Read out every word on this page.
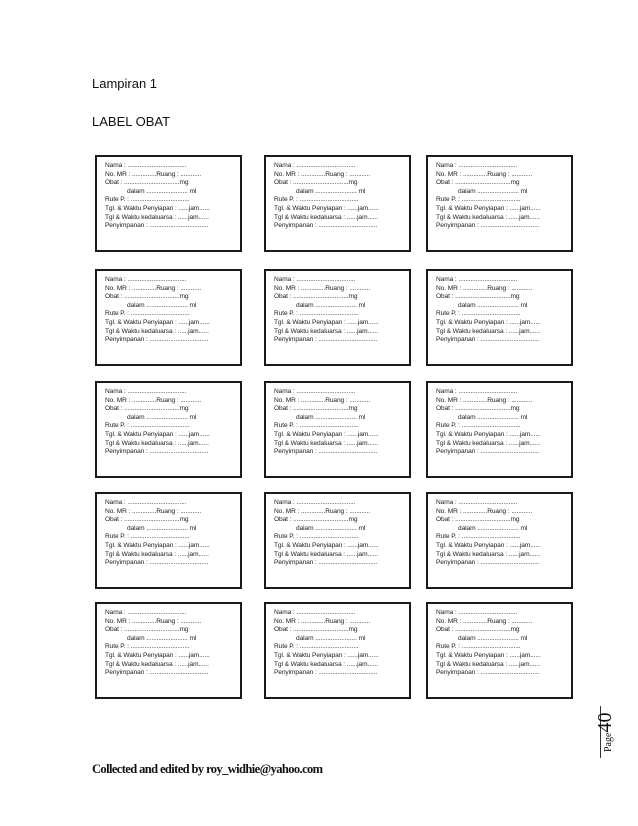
Lampiran 1
LABEL OBAT
Nama : ..................................
No. MR : ..............Ruang : ............
Obat : ................................mg
dalam ........................ ml
Rute P. : ..................................
Tgl. & Waktu Penyiapan : ......jam......
Tgl & Waktu kedaluarsa : ......jam......
Penyimpanan : ..................................
Nama : ..................................
No. MR : ..............Ruang : ............
Obat : ................................mg
dalam ........................ ml
Rute P. : ..................................
Tgl. & Waktu Penyiapan : ......jam......
Tgl & Waktu kedaluarsa : ......jam......
Penyimpanan : ..................................
Nama : ..................................
No. MR : ..............Ruang : ............
Obat : ................................mg
dalam ........................ ml
Rute P. : ..................................
Tgl. & Waktu Penyiapan : ......jam......
Tgl & Waktu kedaluarsa : ......jam......
Penyimpanan : ..................................
Nama : ..................................
No. MR : ..............Ruang : ............
Obat : ................................mg
dalam ........................ ml
Rute P. : ..................................
Tgl. & Waktu Penyiapan : ......jam......
Tgl & Waktu kedaluarsa : ......jam......
Penyimpanan : ..................................
Nama : ..................................
No. MR : ..............Ruang : ............
Obat : ................................mg
dalam ........................ ml
Rute P. : ..................................
Tgl. & Waktu Penyiapan : ......jam......
Tgl & Waktu kedaluarsa : ......jam......
Penyimpanan : ..................................
Nama : ..................................
No. MR : ..............Ruang : ............
Obat : ................................mg
dalam ........................ ml
Rute P. : ..................................
Tgl. & Waktu Penyiapan : ......jam......
Tgl & Waktu kedaluarsa : ......jam......
Penyimpanan : ..................................
Nama : ..................................
No. MR : ..............Ruang : ............
Obat : ................................mg
dalam ........................ ml
Rute P. : ..................................
Tgl. & Waktu Penyiapan : ......jam......
Tgl & Waktu kedaluarsa : ......jam......
Penyimpanan : ..................................
Nama : ..................................
No. MR : ..............Ruang : ............
Obat : ................................mg
dalam ........................ ml
Rute P. : ..................................
Tgl. & Waktu Penyiapan : ......jam......
Tgl & Waktu kedaluarsa : ......jam......
Penyimpanan : ..................................
Nama : ..................................
No. MR : ..............Ruang : ............
Obat : ................................mg
dalam ........................ ml
Rute P. : ..................................
Tgl. & Waktu Penyiapan : ......jam......
Tgl & Waktu kedaluarsa : ......jam......
Penyimpanan : ..................................
Nama : ..................................
No. MR : ..............Ruang : ............
Obat : ................................mg
dalam ........................ ml
Rute P. : ..................................
Tgl. & Waktu Penyiapan : ......jam......
Tgl & Waktu kedaluarsa : ......jam......
Penyimpanan : ..................................
Nama : ..................................
No. MR : ..............Ruang : ............
Obat : ................................mg
dalam ........................ ml
Rute P. : ..................................
Tgl. & Waktu Penyiapan : ......jam......
Tgl & Waktu kedaluarsa : ......jam......
Penyimpanan : ..................................
Nama : ..................................
No. MR : ..............Ruang : ............
Obat : ................................mg
dalam ........................ ml
Rute P. : ..................................
Tgl. & Waktu Penyiapan : ......jam......
Tgl & Waktu kedaluarsa : ......jam......
Penyimpanan : ..................................
Nama : ..................................
No. MR : ..............Ruang : ............
Obat : ................................mg
dalam ........................ ml
Rute P. : ..................................
Tgl. & Waktu Penyiapan : ......jam......
Tgl & Waktu kedaluarsa : ......jam......
Penyimpanan : ..................................
Nama : ..................................
No. MR : ..............Ruang : ............
Obat : ................................mg
dalam ........................ ml
Rute P. : ..................................
Tgl. & Waktu Penyiapan : ......jam......
Tgl & Waktu kedaluarsa : ......jam......
Penyimpanan : ..................................
Nama : ..................................
No. MR : ..............Ruang : ............
Obat : ................................mg
dalam ........................ ml
Rute P. : ..................................
Tgl. & Waktu Penyiapan : ......jam......
Tgl & Waktu kedaluarsa : ......jam......
Penyimpanan : ..................................
Page40
Collected and edited by roy_widhie@yahoo.com
